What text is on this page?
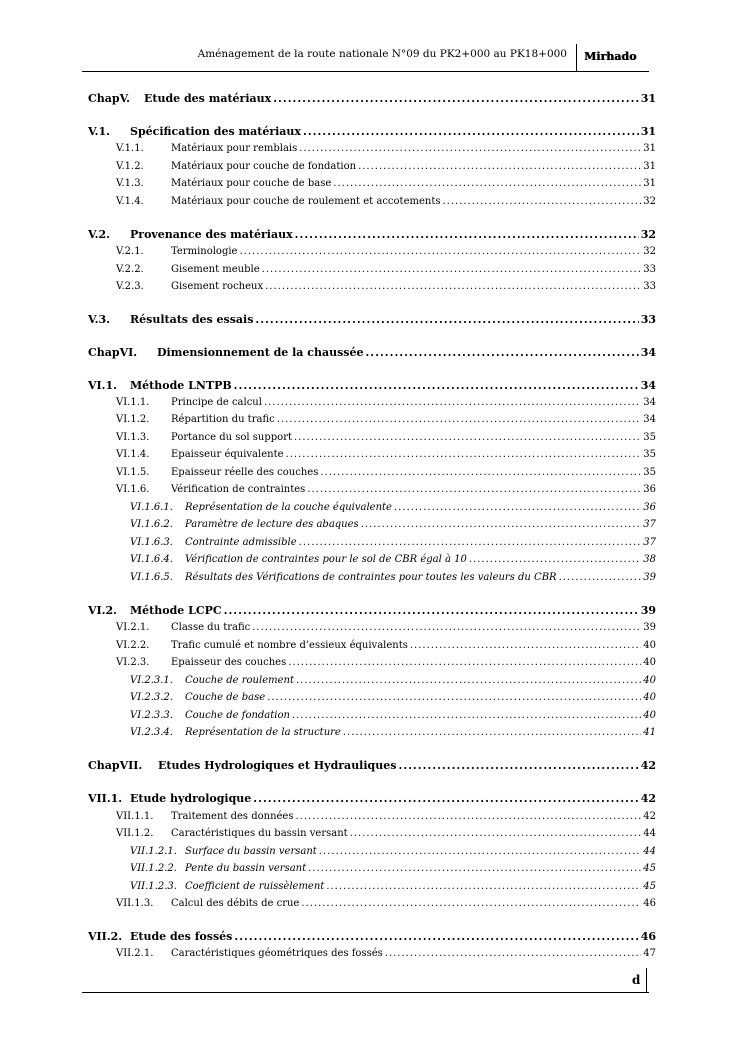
Aménagement de la route nationale N°09 du PK2+000 au PK18+000 Mirhado
ChapV.	Etude des matériaux .....	31
V.1.	Spécification des matériaux .....	31
V.1.1.	Matériaux pour remblais .....	31
V.1.2.	Matériaux pour couche de fondation .....	31
V.1.3.	Matériaux pour couche de base .....	31
V.1.4.	Matériaux pour couche de roulement et accotements .....	32
V.2.	Provenance des matériaux .....	32
V.2.1.	Terminologie .....	32
V.2.2.	Gisement meuble .....	33
V.2.3.	Gisement rocheux .....	33
V.3.	Résultats des essais .....	33
ChapVI.	Dimensionnement de la chaussée .....	34
VI.1.	Méthode LNTPB .....	34
VI.1.1.	Principe de calcul .....	34
VI.1.2.	Répartition du trafic .....	34
VI.1.3.	Portance du sol support .....	35
VI.1.4.	Epaisseur équivalente .....	35
VI.1.5.	Epaisseur réelle des couches .....	35
VI.1.6.	Vérification de contraintes .....	36
VI.1.6.1.	Représentation de la couche équivalente .....	36
VI.1.6.2.	Paramètre de lecture des abaques .....	37
VI.1.6.3.	Contrainte admissible .....	37
VI.1.6.4.	Vérification de contraintes pour le sol de CBR égal à 10 .....	38
VI.1.6.5.	Résultats des Vérifications de contraintes pour toutes les valeurs du CBR .....	39
VI.2.	Méthode LCPC .....	39
VI.2.1.	Classe du trafic .....	39
VI.2.2.	Trafic cumulé et nombre d’essieux équivalents .....	40
VI.2.3.	Epaisseur des couches .....	40
VI.2.3.1.	Couche de roulement .....	40
VI.2.3.2.	Couche de base .....	40
VI.2.3.3.	Couche de fondation .....	40
VI.2.3.4.	Représentation de la structure .....	41
ChapVII.	Etudes Hydrologiques et Hydrauliques .....	42
VII.1. Etude hydrologique .....	42
VII.1.1.	Traitement des données .....	42
VII.1.2.	Caractéristiques du bassin versant .....	44
VII.1.2.1. Surface du bassin versant .....	44
VII.1.2.2. Pente du bassin versant .....	45
VII.1.2.3. Coefficient de ruissèlement .....	45
VII.1.3.	Calcul des débits de crue .....	46
VII.2. Etude des fossés .....	46
VII.2.1.	Caractéristiques géométriques des fossés .....	47
d
